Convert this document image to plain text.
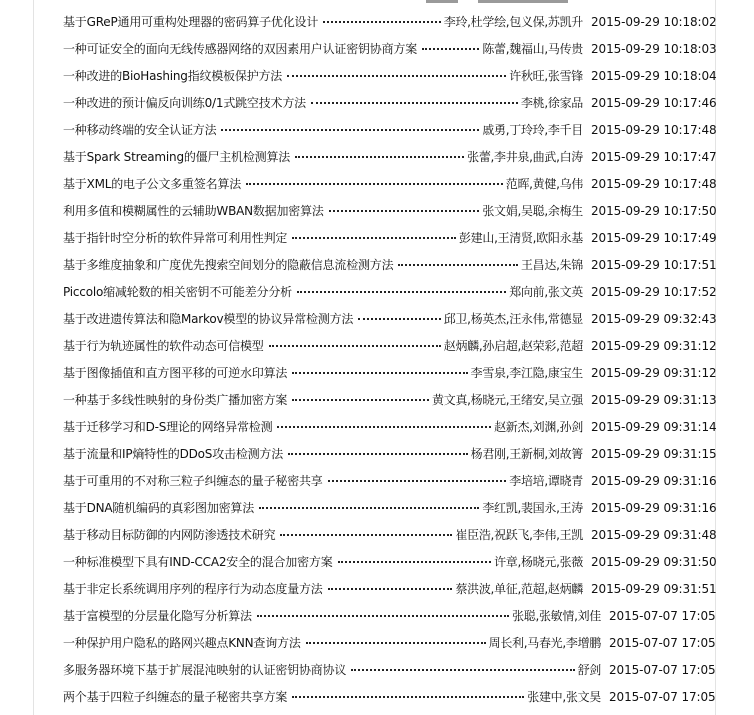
基于GReP通用可重构处理器的密码算子优化设计	李玲,杜学绘,包义保,苏凯升 2015-09-29 10:18:02
一种可证安全的面向无线传感器网络的双因素用户认证密钥协商方案	陈蕾,魏福山,马传贵 2015-09-29 10:18:03
一种改进的BioHashing指纹模板保护方法	许秋旺,张雪锋 2015-09-29 10:18:04
一种改进的预计偏反向训练0/1式跳空技术方法	李桃,徐家品 2015-09-29 10:17:46
一种移动终端的安全认证方法	戚勇,丁玲玲,李千目 2015-09-29 10:17:48
基于Spark Streaming的僵尸主机检测算法	张蕾,李井泉,曲武,白涛 2015-09-29 10:17:47
基于XML的电子公文多重签名算法	范晖,黄健,乌伟 2015-09-29 10:17:48
利用多值和模糊属性的云辅助WBAN数据加密算法	张文娟,吴聪,余梅生 2015-09-29 10:17:50
基于指针时空分析的软件异常可利用性判定	彭建山,王清贤,欧阳永基 2015-09-29 10:17:49
基于多维度抽象和广度优先搜索空间划分的隐蔽信息流检测方法	王昌达,朱锦 2015-09-29 10:17:51
Piccolo缩减轮数的相关密钥不可能差分分析	郑向前,张文英 2015-09-29 10:17:52
基于改进遗传算法和隐Markov模型的协议异常检测方法	邱卫,杨英杰,汪永伟,常德显 2015-09-29 09:32:43
基于行为轨迹属性的软件动态可信模型	赵炳麟,孙启超,赵荣彩,范超 2015-09-29 09:31:12
基于图像插值和直方图平移的可逆水印算法	李雪泉,李江隐,康宝生 2015-09-29 09:31:12
一种基于多线性映射的身份类广播加密方案	黄文真,杨晓元,王绪安,吴立强 2015-09-29 09:31:13
基于迁移学习和D-S理论的网络异常检测	赵新杰,刘渊,孙剑 2015-09-29 09:31:14
基于流量和IP熵特性的DDoS攻击检测方法	杨君刚,王新桐,刘故箐 2015-09-29 09:31:15
基于可重用的不对称三粒子纠缠态的量子秘密共享	李培培,谭晓青 2015-09-29 09:31:16
基于DNA随机编码的真彩图加密算法	李红凯,裴国永,王涛 2015-09-29 09:31:16
基于移动目标防御的内网防渗透技术研究	崔臣浩,祝跃飞,李伟,王凯 2015-09-29 09:31:48
一种标准模型下具有IND-CCA2安全的混合加密方案	许章,杨晓元,张薇 2015-09-29 09:31:50
基于非定长系统调用序列的程序行为动态度量方法	蔡洪波,单征,范超,赵炳麟 2015-09-29 09:31:51
基于富模型的分层量化隐写分析算法	张聪,张敏情,刘佳 2015-07-07 17:05
一种保护用户隐私的路网兴趣点KNN查询方法	周长利,马春光,李增鹏 2015-07-07 17:05
多服务器环境下基于扩展混沌映射的认证密钥协商协议	舒剑 2015-07-07 17:05
两个基于四粒子纠缠态的量子秘密共享方案	张建中,张文昊 2015-07-07 17:05
